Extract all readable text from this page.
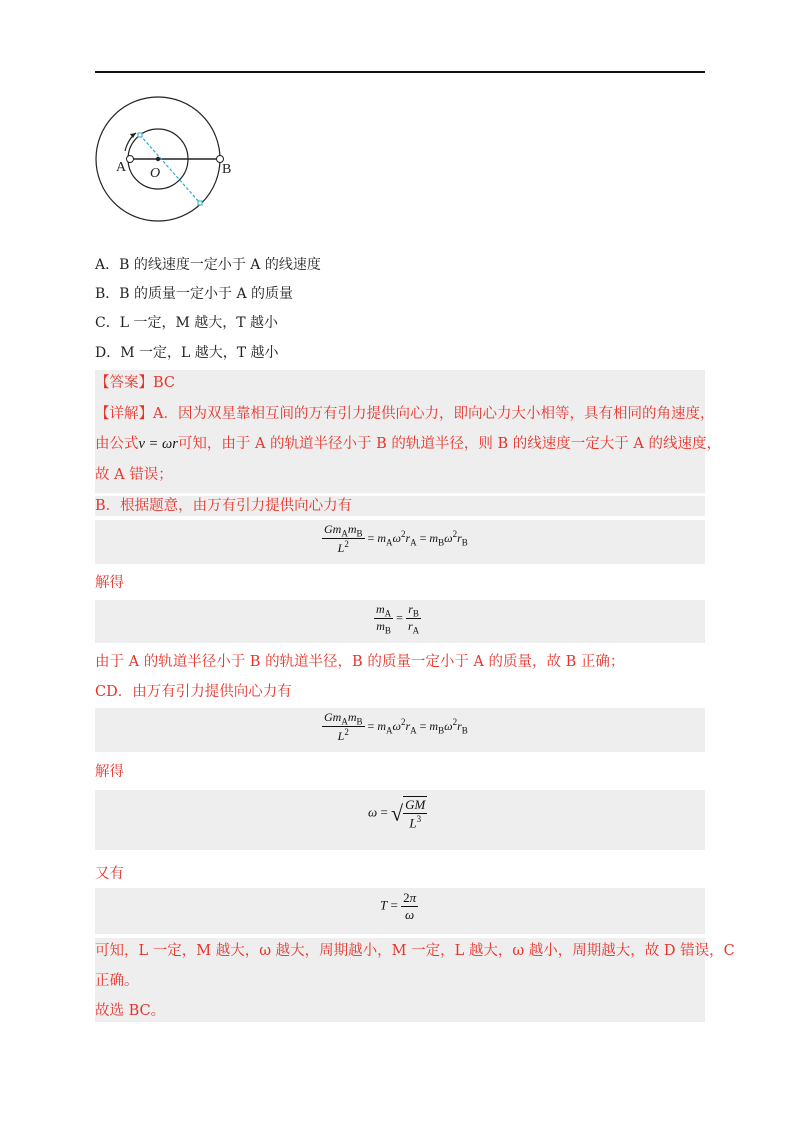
A O	B
A．B 的线速度一定小于 A 的线速度
B．B 的质量一定小于 A 的质量
C．L 一定，M 越大，T 越小
D．M 一定，L 越大，T 越小
【答案】BC
【详解】A．因为双星靠相互间的万有引力提供向心力，即向心力大小相等，具有相同的角速度，
由公式v = ωr可知，由于 A 的轨道半径小于 B 的轨道半径，则 B 的线速度一定大于 A 的线速度，
故 A 错误；
B．根据题意，由万有引力提供向心力有
$\frac{Gm_Am_B}{L^2} = m_A\omega^2r_A = m_B\omega^2r_B$
解得
$\frac{m_A}{m_B} = \frac{r_B}{r_A}$
由于 A 的轨道半径小于 B 的轨道半径，B 的质量一定小于 A 的质量，故 B 正确；
CD．由万有引力提供向心力有
$\frac{Gm_Am_B}{L^2} = m_A\omega^2r_A = m_B\omega^2r_B$
解得
ω = √ $\frac{GM}{L^3}$
又有
$T = \frac{2\pi}{\omega}$
可知，L 一定，M 越大，ω 越大，周期越小，M 一定，L 越大，ω 越小，周期越大，故 D 错误，C
正确。
故选 BC。
